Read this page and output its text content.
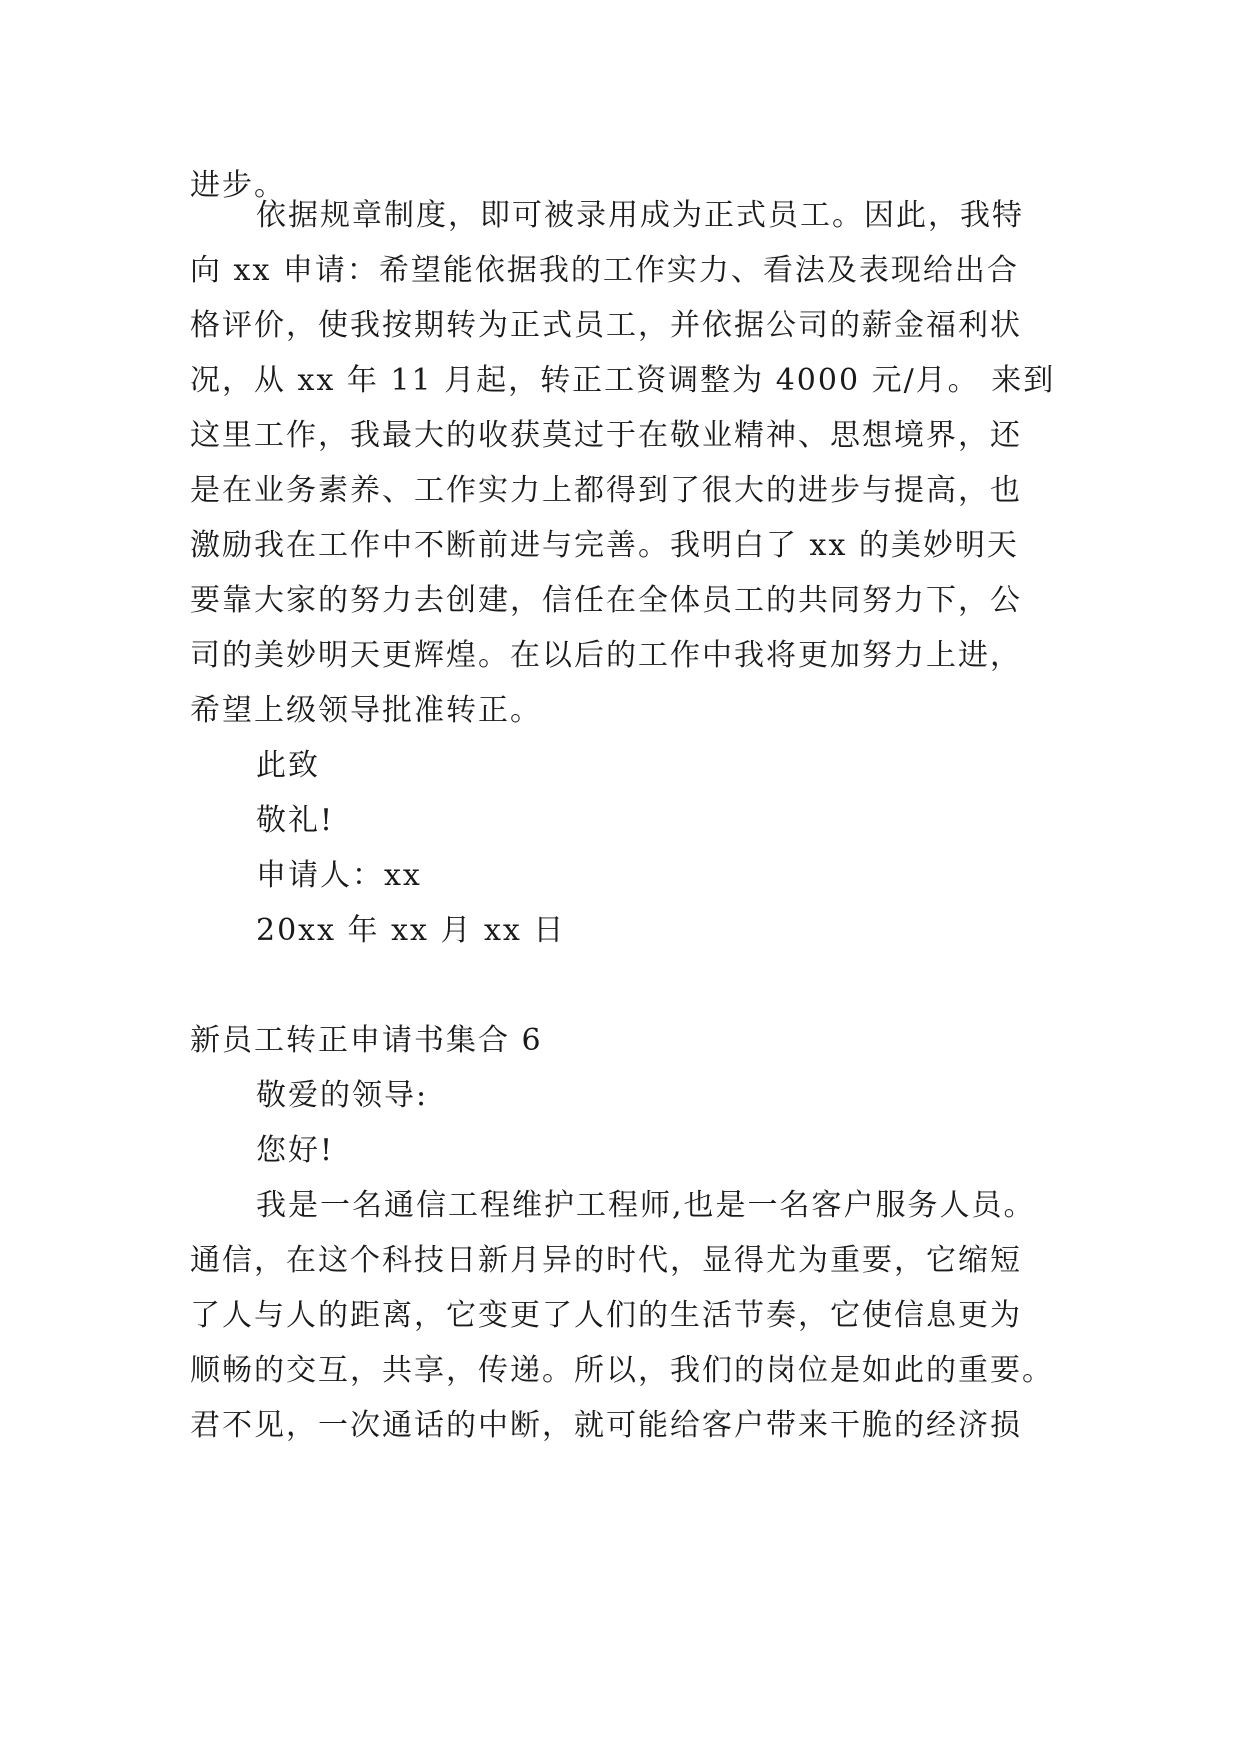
进步。
依据规章制度，即可被录用成为正式员工。因此，我特
向 xx 申请：希望能依据我的工作实力、看法及表现给出合
格评价，使我按期转为正式员工，并依据公司的薪金福利状
况，从 xx 年 11 月起，转正工资调整为 4000 元/月。 来到
这里工作，我最大的收获莫过于在敬业精神、思想境界，还
是在业务素养、工作实力上都得到了很大的进步与提高，也
激励我在工作中不断前进与完善。我明白了 xx 的美妙明天
要靠大家的努力去创建，信任在全体员工的共同努力下，公
司的美妙明天更辉煌。在以后的工作中我将更加努力上进，
希望上级领导批准转正。
此致
敬礼!
申请人：xx
20xx 年 xx 月 xx 日
新员工转正申请书集合 6
敬爱的领导:
您好!
我是一名通信工程维护工程师,也是一名客户服务人员。
通信，在这个科技日新月异的时代，显得尤为重要，它缩短
了人与人的距离，它变更了人们的生活节奏，它使信息更为
顺畅的交互，共享，传递。所以，我们的岗位是如此的重要。
君不见，一次通话的中断，就可能给客户带来干脆的经济损
